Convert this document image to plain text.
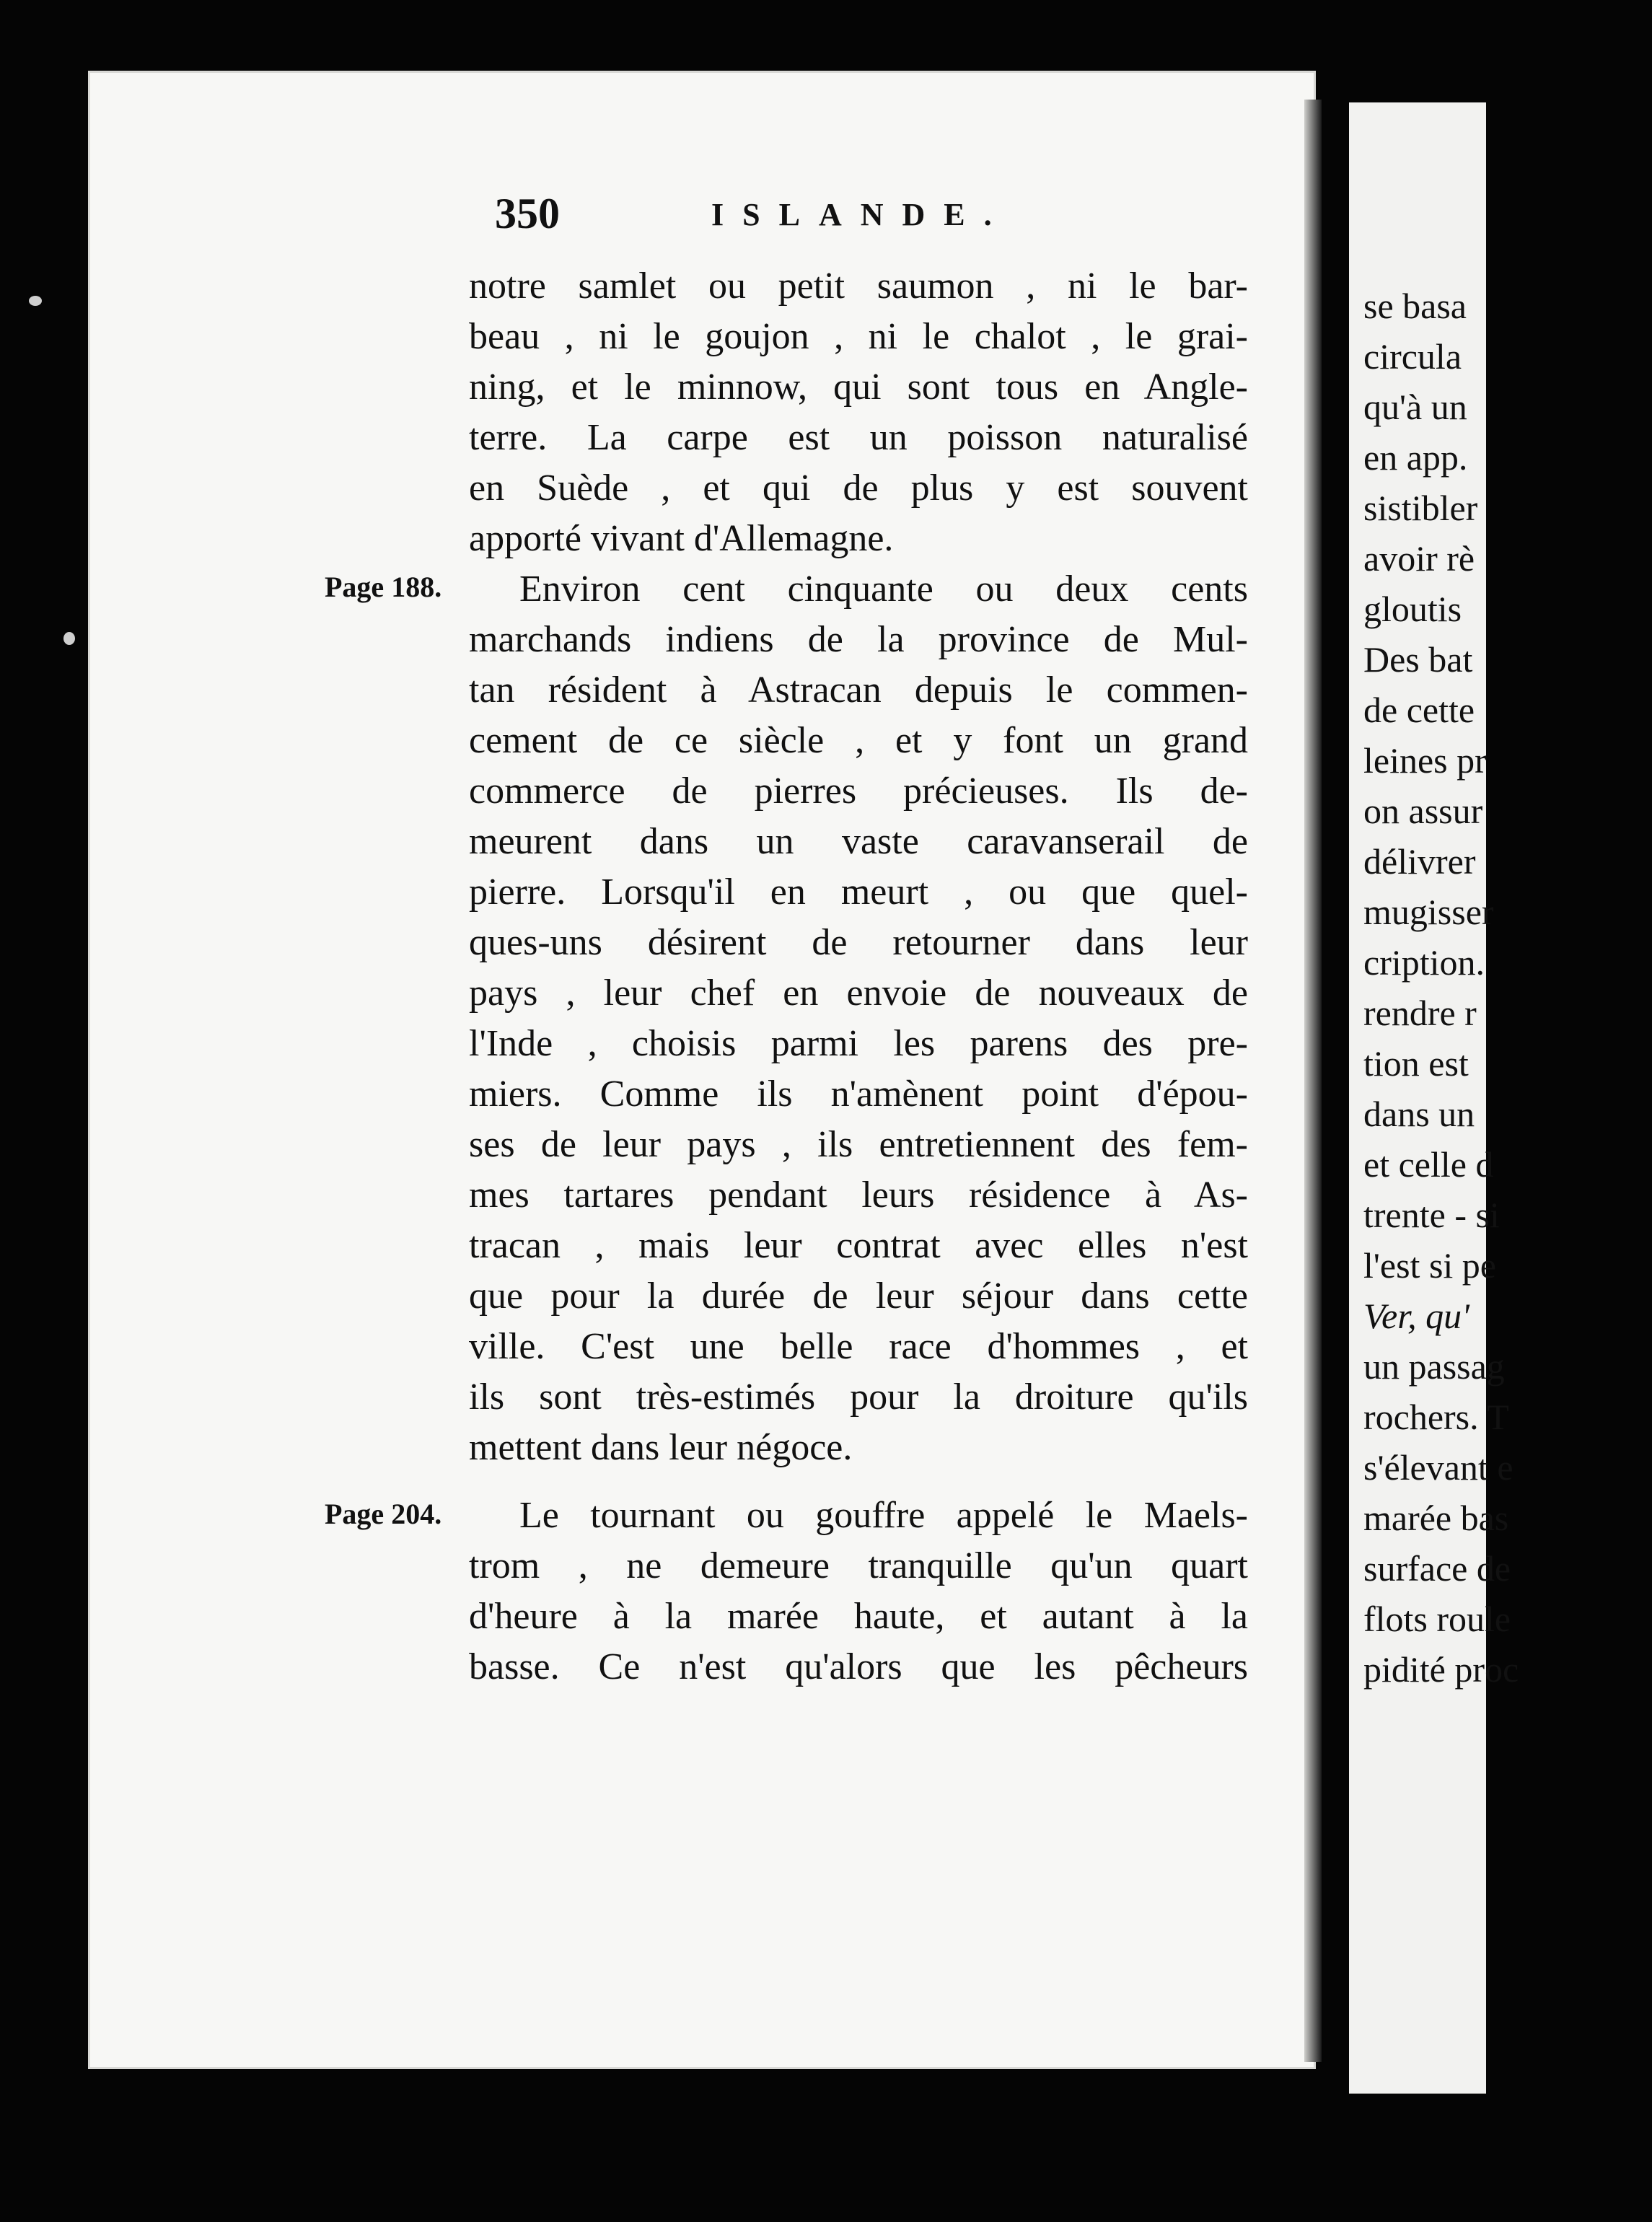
se basa
circula
qu'à un
en app.
sistibler
avoir rè
gloutis
Des bat
de cette
leines pr
on assur
délivrer
mugisser
cription.
rendre r
tion est
dans un
et celle d
trente - si
l'est si pe
Ver, qu'
un passag
rochers. T
s'élevant e
marée bas
surface de
flots roule
pidité proc
350	ISLANDE.
Page 188.
Page 204.
notre samlet ou petit saumon , ni le bar-
beau , ni le goujon , ni le chalot , le grai-
ning, et le minnow, qui sont tous en Angle-
terre. La carpe est un poisson naturalisé
en Suède , et qui de plus y est souvent
apporté vivant d'Allemagne.
Environ cent cinquante ou deux cents
marchands indiens de la province de Mul-
tan résident à Astracan depuis le commen-
cement de ce siècle , et y font un grand
commerce de pierres précieuses. Ils de-
meurent dans un vaste caravanserail de
pierre. Lorsqu'il en meurt , ou que quel-
ques-uns désirent de retourner dans leur
pays , leur chef en envoie de nouveaux de
l'Inde , choisis parmi les parens des pre-
miers. Comme ils n'amènent point d'épou-
ses de leur pays , ils entretiennent des fem-
mes tartares pendant leurs résidence à As-
tracan , mais leur contrat avec elles n'est
que pour la durée de leur séjour dans cette
ville. C'est une belle race d'hommes , et
ils sont très-estimés pour la droiture qu'ils
mettent dans leur négoce.
Le tournant ou gouffre appelé le Maels-
trom , ne demeure tranquille qu'un quart
d'heure à la marée haute, et autant à la
basse. Ce n'est qu'alors que les pêcheurs
